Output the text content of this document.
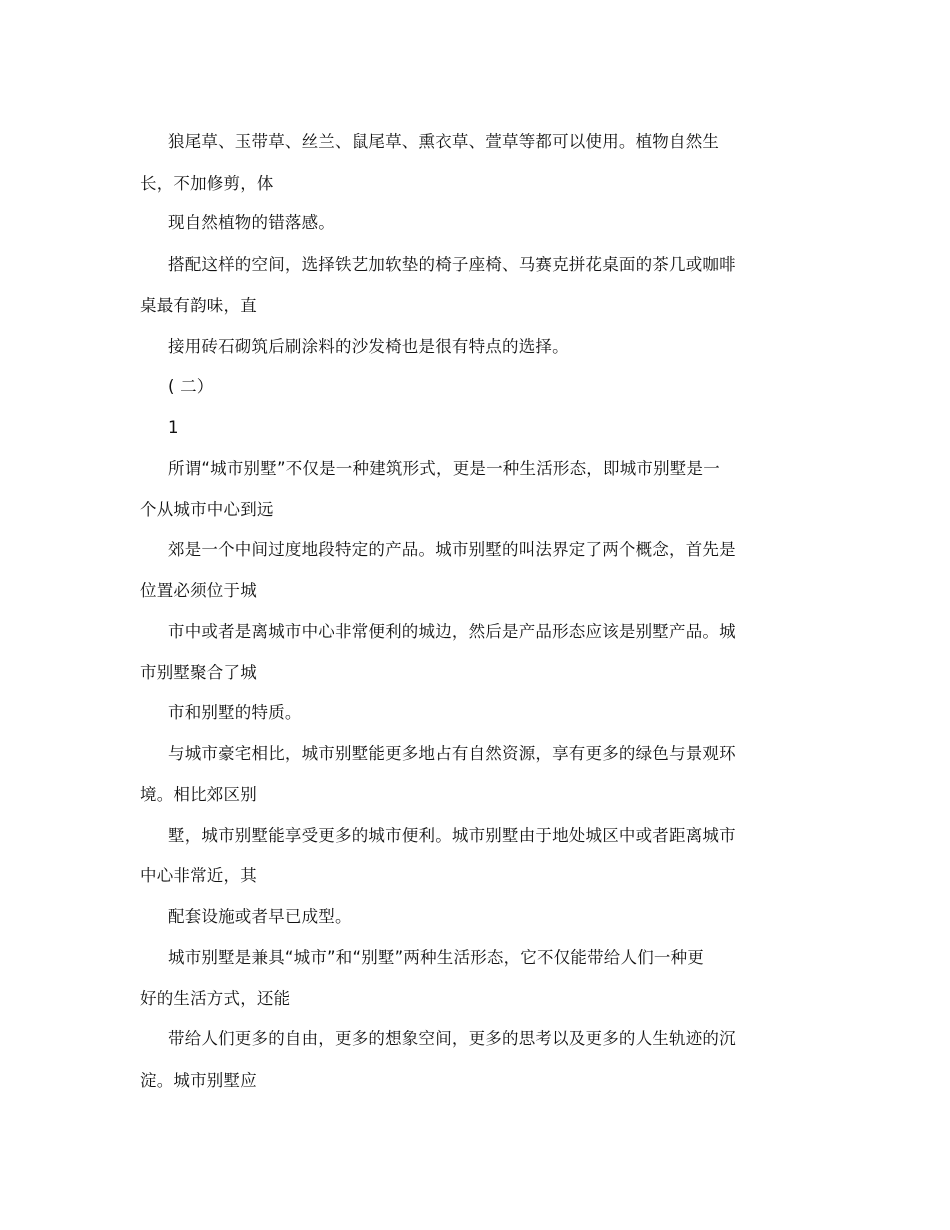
狼尾草、玉带草、丝兰、鼠尾草、熏衣草、萱草等都可以使用。植物自然生
长，不加修剪，体
现自然植物的错落感。
搭配这样的空间，选择铁艺加软垫的椅子座椅、马赛克拼花桌面的茶几或咖啡
桌最有韵味，直
接用砖石砌筑后刷涂料的沙发椅也是很有特点的选择。
( 二）
1
所谓“城市别墅”不仅是一种建筑形式，更是一种生活形态，即城市别墅是一
个从城市中心到远
郊是一个中间过度地段特定的产品。城市别墅的叫法界定了两个概念，首先是
位置必须位于城
市中或者是离城市中心非常便利的城边，然后是产品形态应该是别墅产品。城
市别墅聚合了城
市和别墅的特质。
与城市豪宅相比，城市别墅能更多地占有自然资源，享有更多的绿色与景观环
境。相比郊区别
墅，城市别墅能享受更多的城市便利。城市别墅由于地处城区中或者距离城市
中心非常近，其
配套设施或者早已成型。
城市别墅是兼具“城市”和“别墅”两种生活形态，它不仅能带给人们一种更
好的生活方式，还能
带给人们更多的自由，更多的想象空间，更多的思考以及更多的人生轨迹的沉
淀。城市别墅应
